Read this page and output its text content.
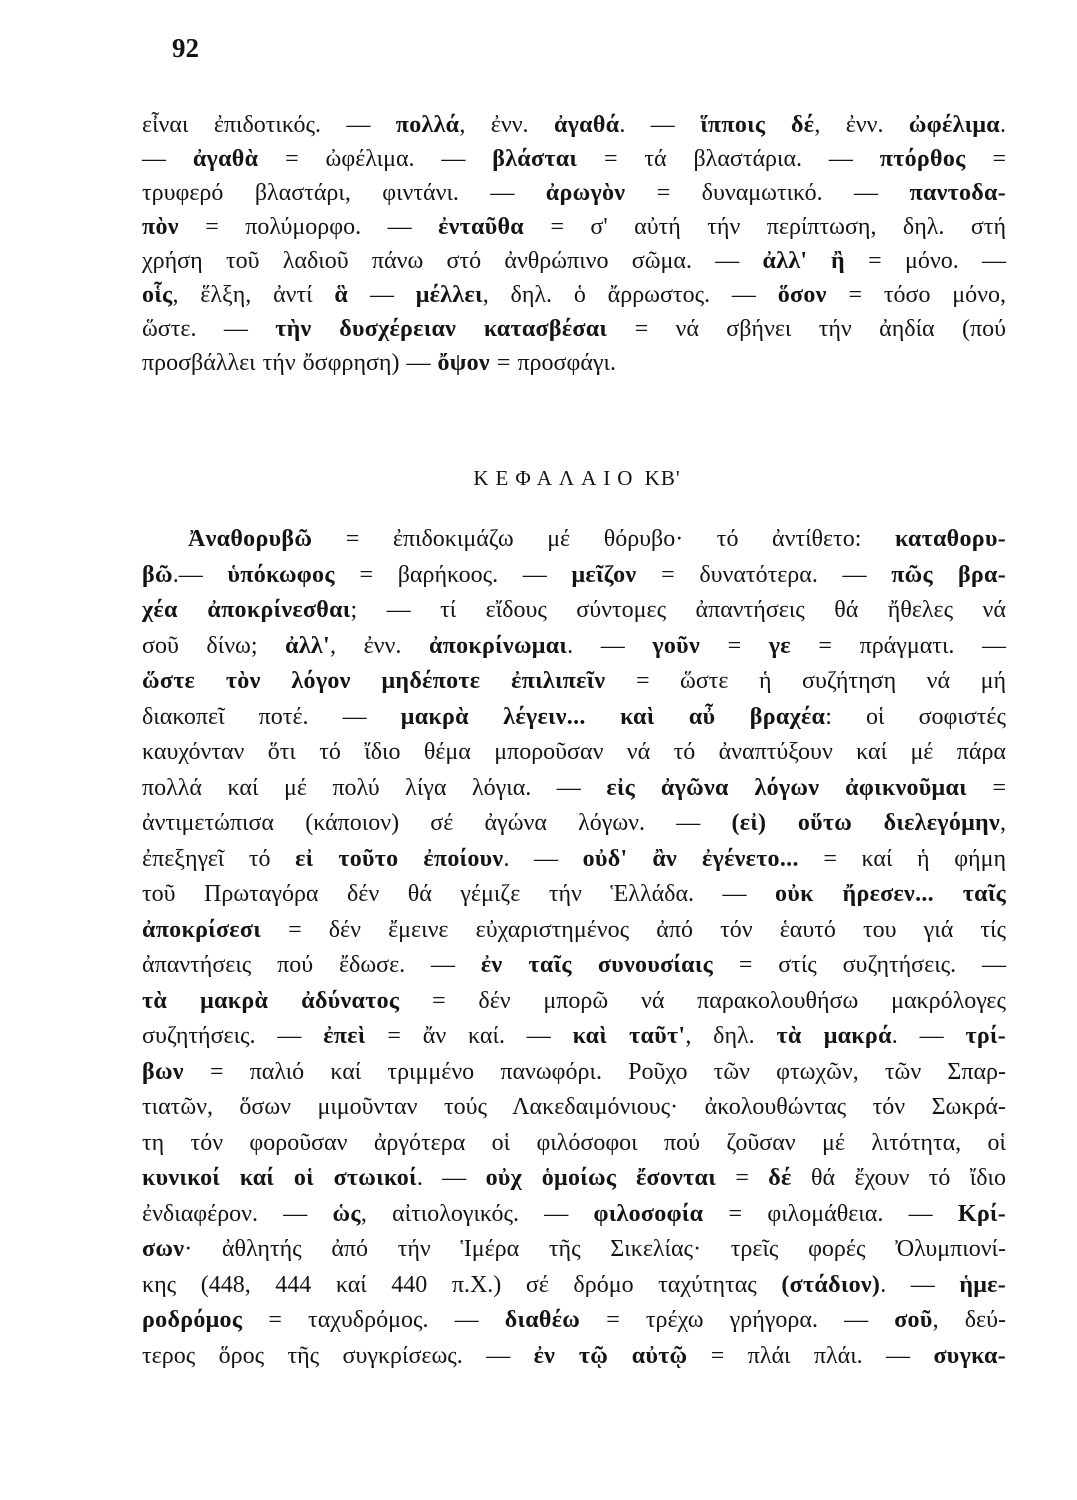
92
εἶναι ἐπιδοτικός. — πολλά, ἐνν. ἀγαθά. — ἵπποις δέ, ἐνν. ὠφέλιμα.
— ἀγαθὰ = ὠφέλιμα. — βλάσται = τά βλαστάρια. — πτόρθος =
τρυφερό βλαστάρι, φιντάνι. — ἀρωγὸν = δυναμωτικό. — παντοδα-
πὸν = πολύμορφο. — ἐνταῦθα = σ' αὐτή τήν περίπτωση, δηλ. στή
χρήση τοῦ λαδιοῦ πάνω στό ἀνθρώπινο σῶμα. — ἀλλ' ἢ = μόνο. —
οἷς, ἕλξη, ἀντί ἃ — μέλλει, δηλ. ὁ ἄρρωστος. — ὅσον = τόσο μόνο,
ὥστε. — τὴν δυσχέρειαν κατασβέσαι = νά σβήνει τήν ἀηδία (πού
προσβάλλει τήν ὄσφρηση) — ὄψον = προσφάγι.
ΚΕΦΑΛΑΙΟ ΚΒ'
Ἀναθορυβῶ = ἐπιδοκιμάζω μέ θόρυβο· τό ἀντίθετο: καταθορυ-
βῶ.— ὑπόκωφος = βαρήκοος. — μεῖζον = δυνατότερα. — πῶς βρα-
χέα ἀποκρίνεσθαι; — τί εἴδους σύντομες ἀπαντήσεις θά ἤθελες νά
σοῦ δίνω; ἀλλ', ἐνν. ἀποκρίνωμαι. — γοῦν = γε = πράγματι. —
ὥστε τὸν λόγον μηδέποτε ἐπιλιπεῖν = ὥστε ἡ συζήτηση νά μή
διακοπεῖ ποτέ. — μακρὰ λέγειν... καὶ αὖ βραχέα: οἱ σοφιστές
καυχόνταν ὅτι τό ἴδιο θέμα μποροῦσαν νά τό ἀναπτύξουν καί μέ πάρα
πολλά καί μέ πολύ λίγα λόγια. — εἰς ἀγῶνα λόγων ἀφικνοῦμαι =
ἀντιμετώπισα (κάποιον) σέ ἀγώνα λόγων. — (εἰ) οὕτω διελεγόμην,
ἐπεξηγεῖ τό εἰ τοῦτο ἐποίουν. — οὐδ' ἂν ἐγένετο... = καί ἡ φήμη
τοῦ Πρωταγόρα δέν θά γέμιζε τήν Ἑλλάδα. — οὐκ ἤρεσεν... ταῖς
ἀποκρίσεσι = δέν ἔμεινε εὐχαριστημένος ἀπό τόν ἑαυτό του γιά τίς
ἀπαντήσεις πού ἔδωσε. — ἐν ταῖς συνουσίαις = στίς συζητήσεις. —
τὰ μακρὰ ἀδύνατος = δέν μπορῶ νά παρακολουθήσω μακρόλογες
συζητήσεις. — ἐπεὶ = ἄν καί. — καὶ ταῦτ', δηλ. τὰ μακρά. — τρί-
βων = παλιό καί τριμμένο πανωφόρι. Ροῦχο τῶν φτωχῶν, τῶν Σπαρ-
τιατῶν, ὅσων μιμοῦνταν τούς Λακεδαιμόνιους· ἀκολουθώντας τόν Σωκρά-
τη τόν φοροῦσαν ἀργότερα οἱ φιλόσοφοι πού ζοῦσαν μέ λιτότητα, οἱ
κυνικοί καί οἱ στωικοί. — οὐχ ὁμοίως ἔσονται = δέ θά ἔχουν τό ἴδιο
ἐνδιαφέρον. — ὡς, αἰτιολογικός. — φιλοσοφία = φιλομάθεια. — Κρί-
σων· ἀθλητής ἀπό τήν Ἱμέρα τῆς Σικελίας· τρεῖς φορές Ὀλυμπιονί-
κης (448, 444 καί 440 π.Χ.) σέ δρόμο ταχύτητας (στάδιον). — ἡμε-
ροδρόμος = ταχυδρόμος. — διαθέω = τρέχω γρήγορα. — σοῦ, δεύ-
τερος ὅρος τῆς συγκρίσεως. — ἐν τῷ αὐτῷ = πλάι πλάι. — συγκα-
